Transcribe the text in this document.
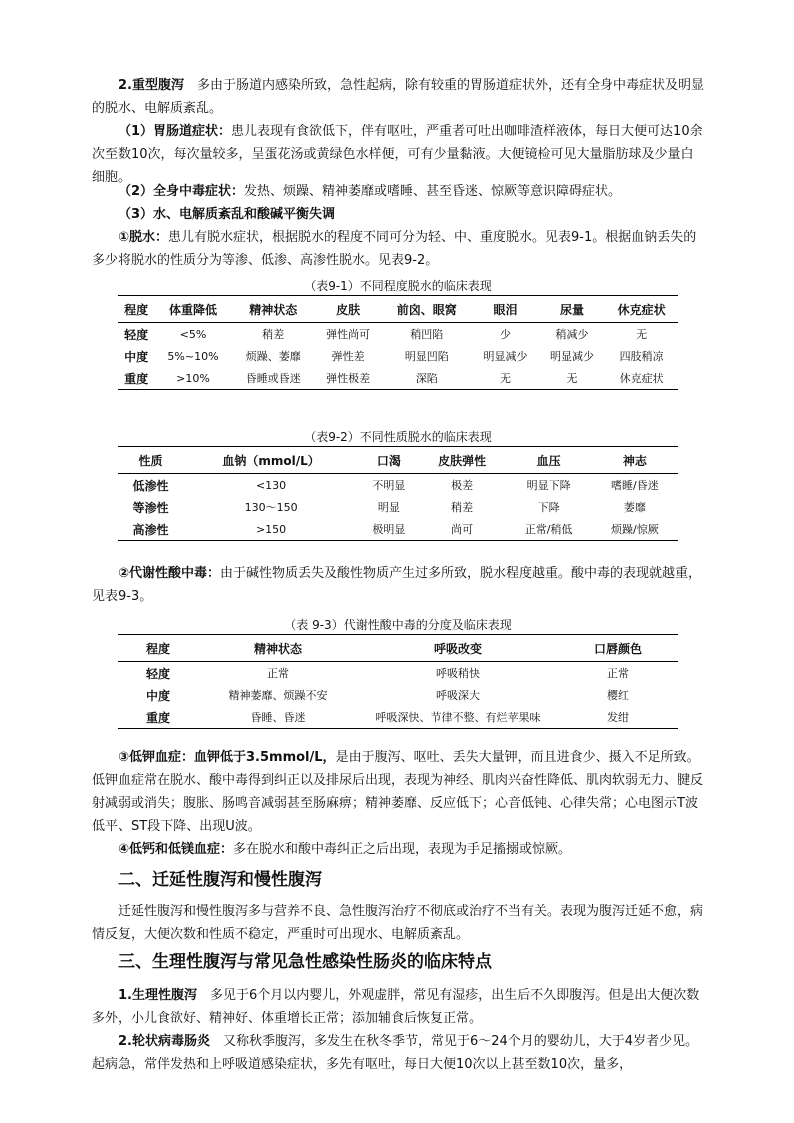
2.重型腹泻　多由于肠道内感染所致，急性起病，除有较重的胃肠道症状外，还有全身中毒症状及明显的脱水、电解质紊乱。

（1）胃肠道症状：患儿表现有食欲低下，伴有呕吐，严重者可吐出咖啡渣样液体，每日大便可达10余次至数10次，每次量较多，呈蛋花汤或黄绿色水样便，可有少量黏液。大便镜检可见大量脂肪球及少量白细胞。

（2）全身中毒症状：发热、烦躁、精神萎靡或嗜睡、甚至昏迷、惊厥等意识障碍症状。

（3）水、电解质紊乱和酸碱平衡失调

①脱水：患儿有脱水症状，根据脱水的程度不同可分为轻、中、重度脱水。见表9-1。根据血钠丢失的多少将脱水的性质分为等渗、低渗、高渗性脱水。见表9-2。

（表9-1）不同程度脱水的临床表现
程度	体重降低	精神状态	皮肤	前囟、眼窝	眼泪	尿量	休克症状
轻度	<5%	稍差	弹性尚可	稍凹陷	少	稍减少	无
中度	5%~10%	烦躁、萎靡	弹性差	明显凹陷	明显减少	明显减少	四肢稍凉
重度	>10%	昏睡或昏迷	弹性极差	深陷	无	无	休克症状
（表9-2）不同性质脱水的临床表现
性质	血钠（mmol/L）	口渴	皮肤弹性	血压	神志
低渗性	<130	不明显	极差	明显下降	嗜睡/昏迷
等渗性	130～150	明显	稍差	下降	萎靡
高渗性	>150	极明显	尚可	正常/稍低	烦躁/惊厥

②代谢性酸中毒：由于碱性物质丢失及酸性物质产生过多所致，脱水程度越重。酸中毒的表现就越重，见表9-3。

（表 9-3）代谢性酸中毒的分度及临床表现
程度	精神状态	呼吸改变	口唇颜色
轻度	正常	呼吸稍快	正常
中度	精神萎靡、烦躁不安	呼吸深大	樱红
重度	昏睡、昏迷	呼吸深快、节律不整、有烂苹果味	发绀

③低钾血症：血钾低于3.5mmol/L，是由于腹泻、呕吐、丢失大量钾，而且进食少、摄入不足所致。低钾血症常在脱水、酸中毒得到纠正以及排尿后出现，表现为神经、肌肉兴奋性降低、肌肉软弱无力、腱反射减弱或消失；腹胀、肠鸣音减弱甚至肠麻痹；精神萎靡、反应低下；心音低钝、心律失常；心电图示T波低平、ST段下降、出现U波。

④低钙和低镁血症：多在脱水和酸中毒纠正之后出现，表现为手足搐搦或惊厥。

二、迁延性腹泻和慢性腹泻

迁延性腹泻和慢性腹泻多与营养不良、急性腹泻治疗不彻底或治疗不当有关。表现为腹泻迁延不愈，病情反复，大便次数和性质不稳定，严重时可出现水、电解质紊乱。

三、生理性腹泻与常见急性感染性肠炎的临床特点

1.生理性腹泻　多见于6个月以内婴儿，外观虚胖，常见有湿疹，出生后不久即腹泻。但是出大便次数多外，小儿食欲好、精神好、体重增长正常；添加辅食后恢复正常。

2.轮状病毒肠炎　又称秋季腹泻，多发生在秋冬季节，常见于6～24个月的婴幼儿，大于4岁者少见。起病急，常伴发热和上呼吸道感染症状，多先有呕吐，每日大便10次以上甚至数10次，量多，
